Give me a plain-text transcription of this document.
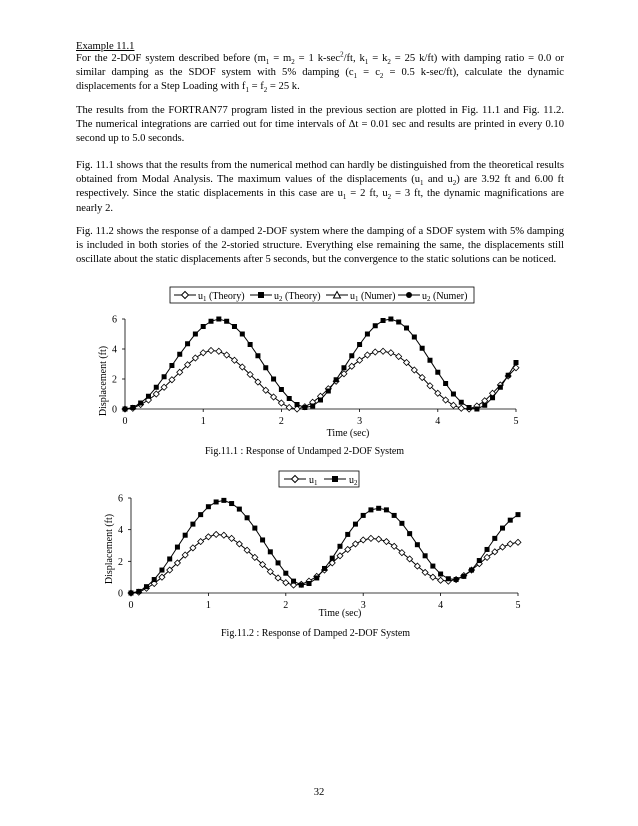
Example 11.1

For the 2-DOF system described before ($m_1 = m_2 = 1$ $k-\sec^2/ft$, $k_1 = k_2 = 25$ k/ft) with damping ratio = 0.0 or similar damping as the SDOF system with 5% damping ($c_1 = c_2 = 0.5$ k-sec/ft), calculate the dynamic displacements for a Step Loading with $f_1 = f_2 = 25$ k.

The results from the FORTRAN77 program listed in the previous section are plotted in Fig. 11.1 and Fig. 11.2. The numerical integrations are carried out for time intervals of Δt = 0.01 sec and results are printed in every 0.10 second up to 5.0 seconds.

Fig. 11.1 shows that the results from the numerical method can hardly be distinguished from the theoretical results obtained from Modal Analysis. The maximum values of the displacements ($u_1$ and $u_2$) are 3.92 ft and 6.00 ft respectively. Since the static displacements in this case are $u_1 = 2$ ft, $u_2 = 3$ ft, the dynamic magnifications are nearly 2.

Fig. 11.2 shows the response of a damped 2-DOF system where the damping of a SDOF system with 5% damping is included in both stories of the 2-storied structure. Everything else remaining the same, the displacements still oscillate about the static displacements after 5 seconds, but the convergence to the static solutions can be noticed.

$u_1$ (Theory)	$u_2$ (Theory)	$u_1$ (Numer)	$u_2$ (Numer)
Displacement (ft)
Time (sec)
0
2
4
6
0	1	2	3	4	5
Fig.11.1 : Response of Undamped 2-DOF System
$u_1$	$u_2$
Displacement (ft)
Time (sec)
0
2
4
6
0	1	2	3	4	5
Fig.11.2 : Response of Damped 2-DOF System
32
